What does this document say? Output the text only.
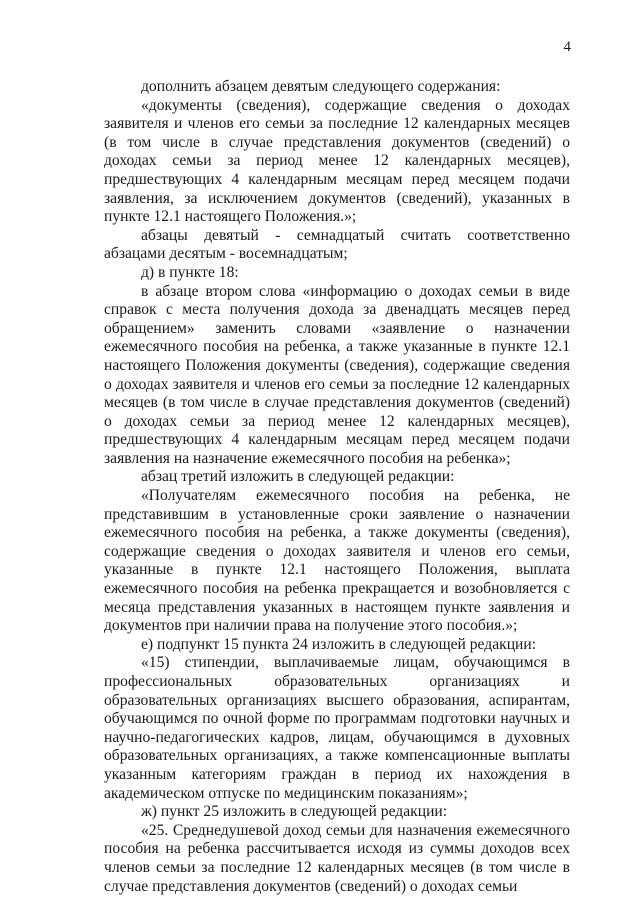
4

дополнить абзацем девятым следующего содержания:

«документы (сведения), содержащие сведения о доходах заявителя и членов его семьи за последние 12 календарных месяцев (в том числе в случае представления документов (сведений) о доходах семьи за период менее 12 календарных месяцев), предшествующих 4 календарным месяцам перед месяцем подачи заявления, за исключением документов (сведений), указанных в пункте 12.1 настоящего Положения.»;

абзацы девятый - семнадцатый считать соответственно абзацами десятым - восемнадцатым;

д) в пункте 18:

в абзаце втором слова «информацию о доходах семьи в виде справок с места получения дохода за двенадцать месяцев перед обращением» заменить словами «заявление о назначении ежемесячного пособия на ребенка, а также указанные в пункте 12.1 настоящего Положения документы (сведения), содержащие сведения о доходах заявителя и членов его семьи за последние 12 календарных месяцев (в том числе в случае представления документов (сведений) о доходах семьи за период менее 12 календарных месяцев), предшествующих 4 календарным месяцам перед месяцем подачи заявления на назначение ежемесячного пособия на ребенка»;

абзац третий изложить в следующей редакции:

«Получателям ежемесячного пособия на ребенка, не представившим в установленные сроки заявление о назначении ежемесячного пособия на ребенка, а также документы (сведения), содержащие сведения о доходах заявителя и членов его семьи, указанные в пункте 12.1 настоящего Положения, выплата ежемесячного пособия на ребенка прекращается и возобновляется с месяца представления указанных в настоящем пункте заявления и документов при наличии права на получение этого пособия.»;

е) подпункт 15 пункта 24 изложить в следующей редакции:

«15) стипендии, выплачиваемые лицам, обучающимся в профессиональных образовательных организациях и образовательных организациях высшего образования, аспирантам, обучающимся по очной форме по программам подготовки научных и научно-педагогических кадров, лицам, обучающимся в духовных образовательных организациях, а также компенсационные выплаты указанным категориям граждан в период их нахождения в академическом отпуске по медицинским показаниям»;

ж) пункт 25 изложить в следующей редакции:

«25. Среднедушевой доход семьи для назначения ежемесячного пособия на ребенка рассчитывается исходя из суммы доходов всех членов семьи за последние 12 календарных месяцев (в том числе в случае представления документов (сведений) о доходах семьи
